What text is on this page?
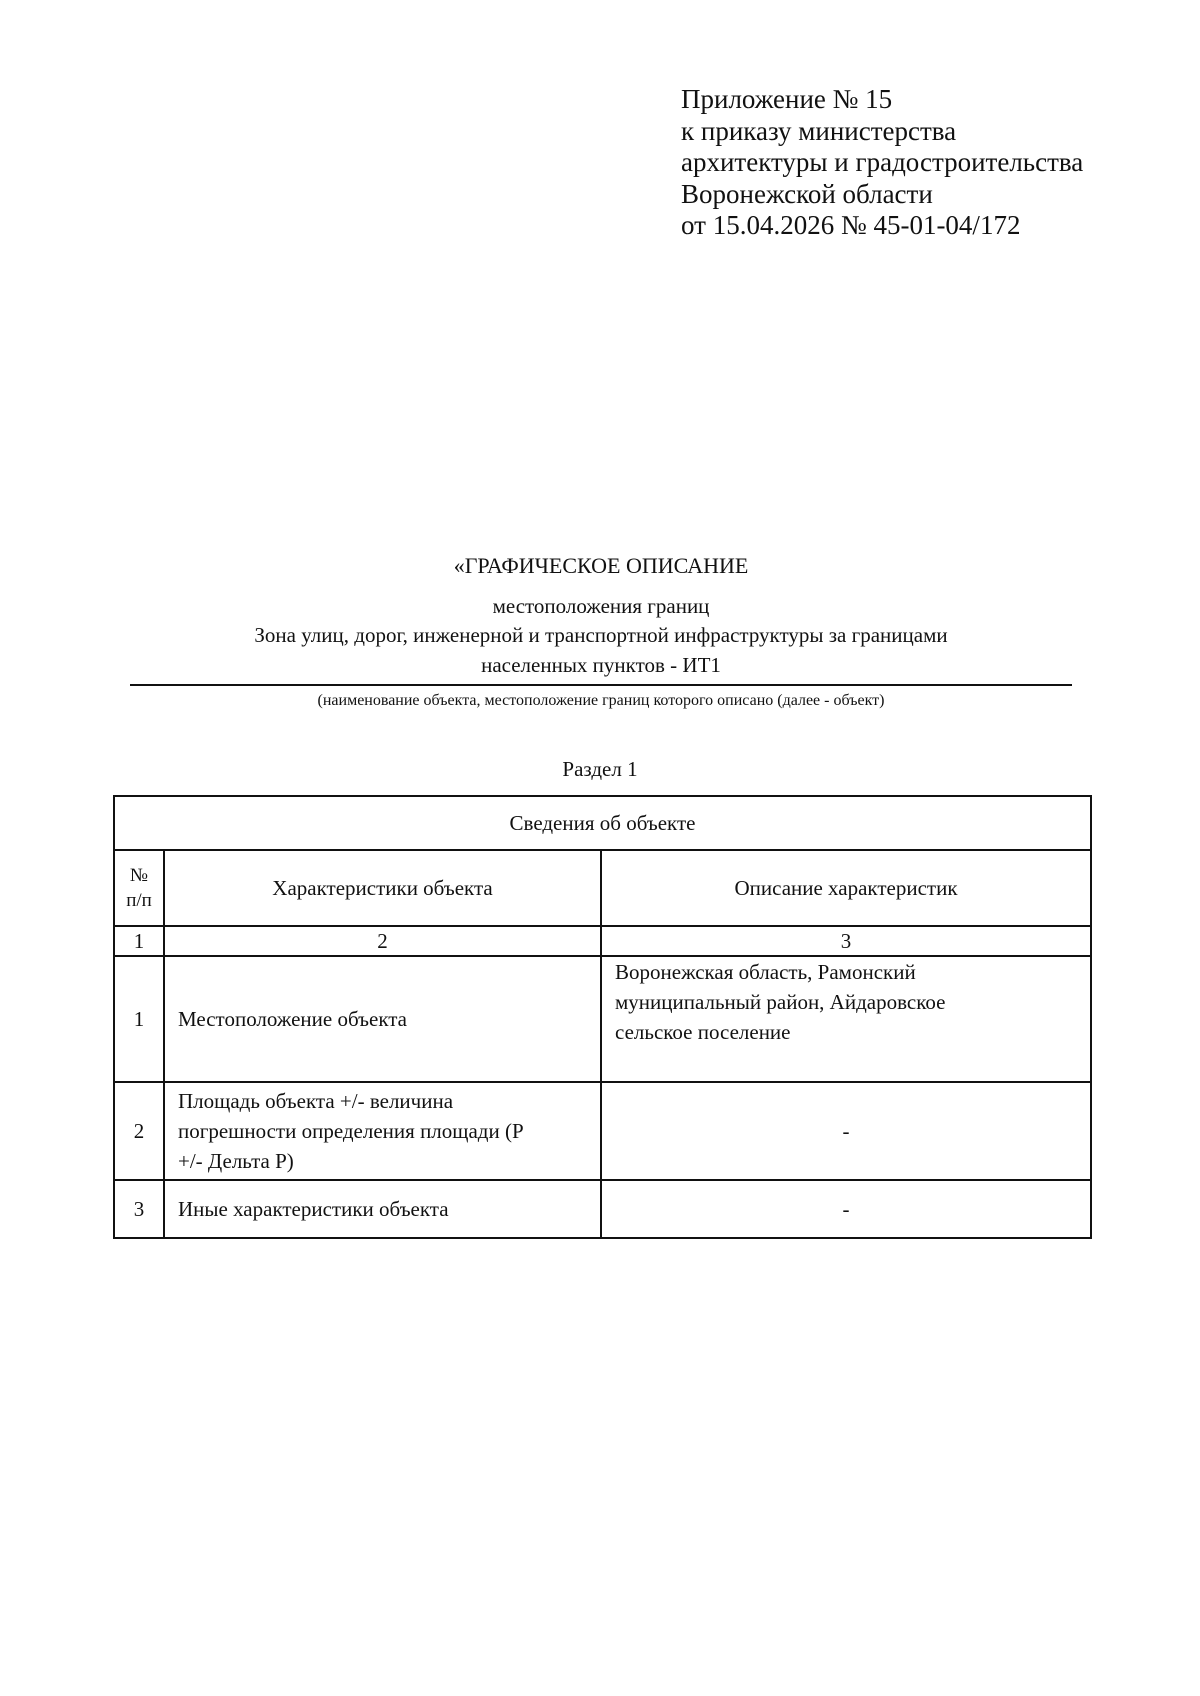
Приложение № 15
к приказу министерства
архитектуры и градостроительства
Воронежской области
от 15.04.2026 № 45-01-04/172
«ГРАФИЧЕСКОЕ ОПИСАНИЕ
местоположения границ
Зона улиц, дорог, инженерной и транспортной инфраструктуры за границами
населенных пунктов - ИТ1
(наименование объекта, местоположение границ которого описано (далее - объект)
Раздел 1
Сведения об объекте		

№
п/п	Характеристики объекта	Описание характеристик
1	2	3
1	Местоположение объекта	Воронежская область, Рамонский
муниципальный район, Айдаровское
сельское поселение

2	Площадь объекта +/- величина
погрешности определения площади (Р
+/- Дельта Р)	-
3	Иные характеристики объекта	-
